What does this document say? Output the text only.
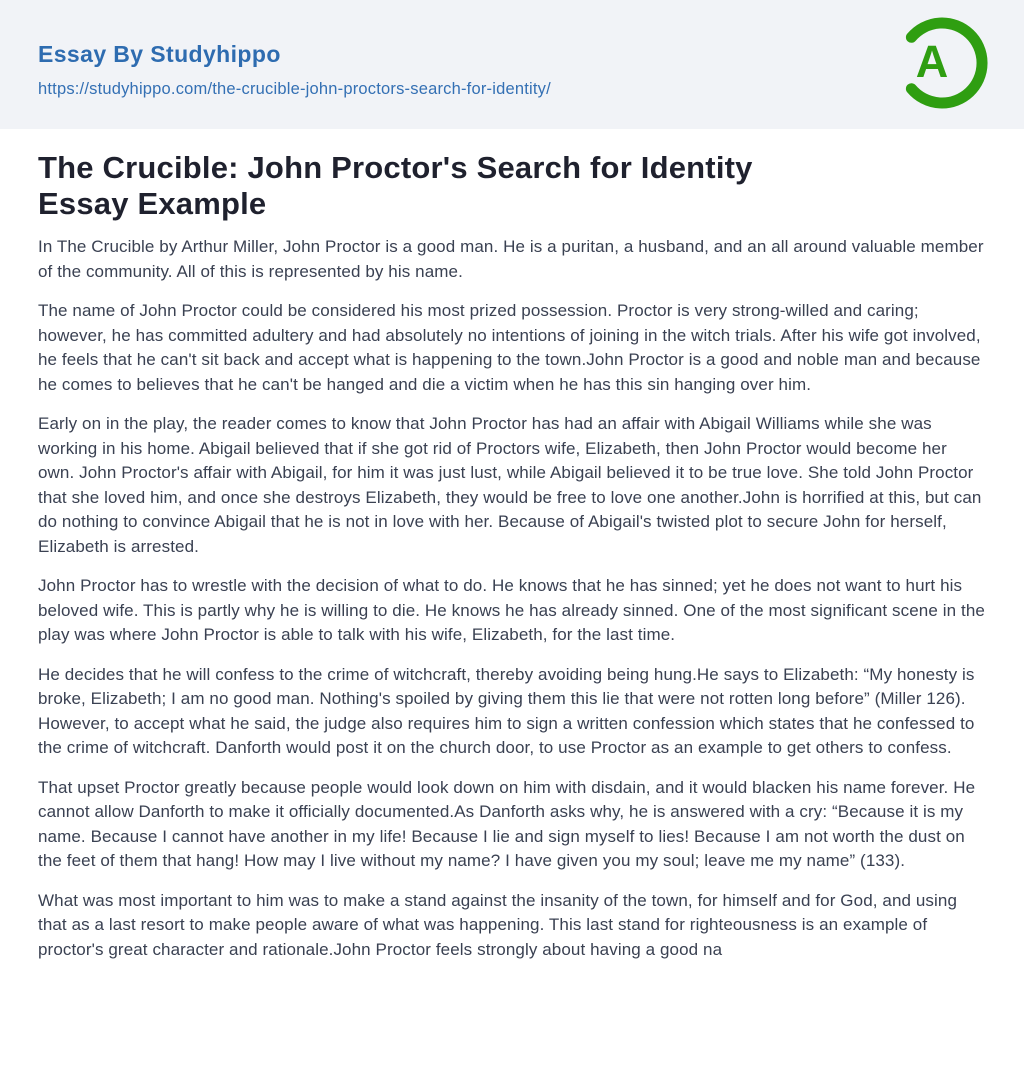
Essay By Studyhippo
https://studyhippo.com/the-crucible-john-proctors-search-for-identity/
A
The Crucible: John Proctor's Search for Identity
Essay Example

In The Crucible by Arthur Miller, John Proctor is a good man. He is a puritan, a husband, and an all around valuable member of the community. All of this is represented by his name.

The name of John Proctor could be considered his most prized possession. Proctor is very strong-willed and caring; however, he has committed adultery and had absolutely no intentions of joining in the witch trials. After his wife got involved, he feels that he can't sit back and accept what is happening to the town.John Proctor is a good and noble man and because he comes to believes that he can't be hanged and die a victim when he has this sin hanging over him.

Early on in the play, the reader comes to know that John Proctor has had an affair with Abigail Williams while she was working in his home. Abigail believed that if she got rid of Proctors wife, Elizabeth, then John Proctor would become her own. John Proctor's affair with Abigail, for him it was just lust, while Abigail believed it to be true love. She told John Proctor that she loved him, and once she destroys Elizabeth, they would be free to love one another.John is horrified at this, but can do nothing to convince Abigail that he is not in love with her. Because of Abigail's twisted plot to secure John for herself, Elizabeth is arrested.

John Proctor has to wrestle with the decision of what to do. He knows that he has sinned; yet he does not want to hurt his beloved wife. This is partly why he is willing to die. He knows he has already sinned. One of the most significant scene in the play was where John Proctor is able to talk with his wife, Elizabeth, for the last time.

He decides that he will confess to the crime of witchcraft, thereby avoiding being hung.He says to Elizabeth: “My honesty is broke, Elizabeth; I am no good man. Nothing's spoiled by giving them this lie that were not rotten long before” (Miller 126). However, to accept what he said, the judge also requires him to sign a written confession which states that he confessed to the crime of witchcraft. Danforth would post it on the church door, to use Proctor as an example to get others to confess.

That upset Proctor greatly because people would look down on him with disdain, and it would blacken his name forever. He cannot allow Danforth to make it officially documented.As Danforth asks why, he is answered with a cry: “Because it is my name. Because I cannot have another in my life! Because I lie and sign myself to lies! Because I am not worth the dust on the feet of them that hang! How may I live without my name? I have given you my soul; leave me my name” (133).

What was most important to him was to make a stand against the insanity of the town, for himself and for God, and using that as a last resort to make people aware of what was happening. This last stand for righteousness is an example of proctor's great character and rationale.John Proctor feels strongly about having a good na
